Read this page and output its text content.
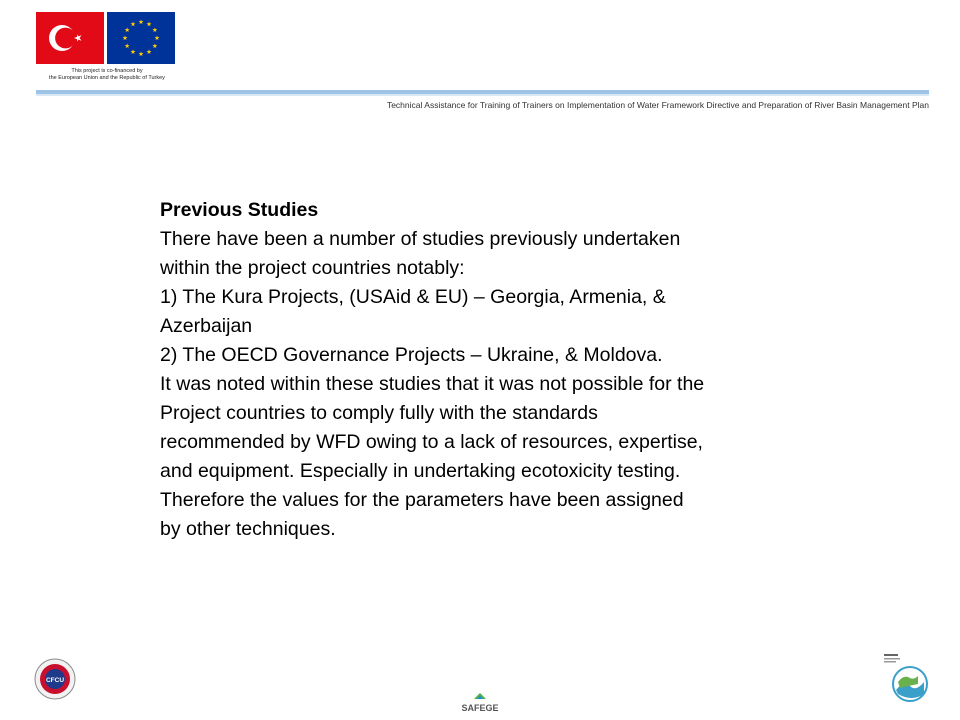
This project is co-financed by
the European Union and the Republic of Turkey
Technical Assistance for Training of Trainers on Implementation of Water Framework Directive and Preparation of River Basin Management Plan

Previous Studies

There have been a number of studies previously undertaken

within the project countries notably:

1) The Kura Projects, (USAid & EU) – Georgia, Armenia, &

Azerbaijan

2) The OECD Governance Projects – Ukraine, & Moldova.

It was noted within these studies that it was not possible for the

Project countries to comply fully with the standards

recommended by WFD owing to a lack of resources, expertise,

and equipment. Especially in undertaking ecotoxicity testing.

Therefore the values for the parameters have been assigned

by other techniques.

CFCU
SAFEGE
